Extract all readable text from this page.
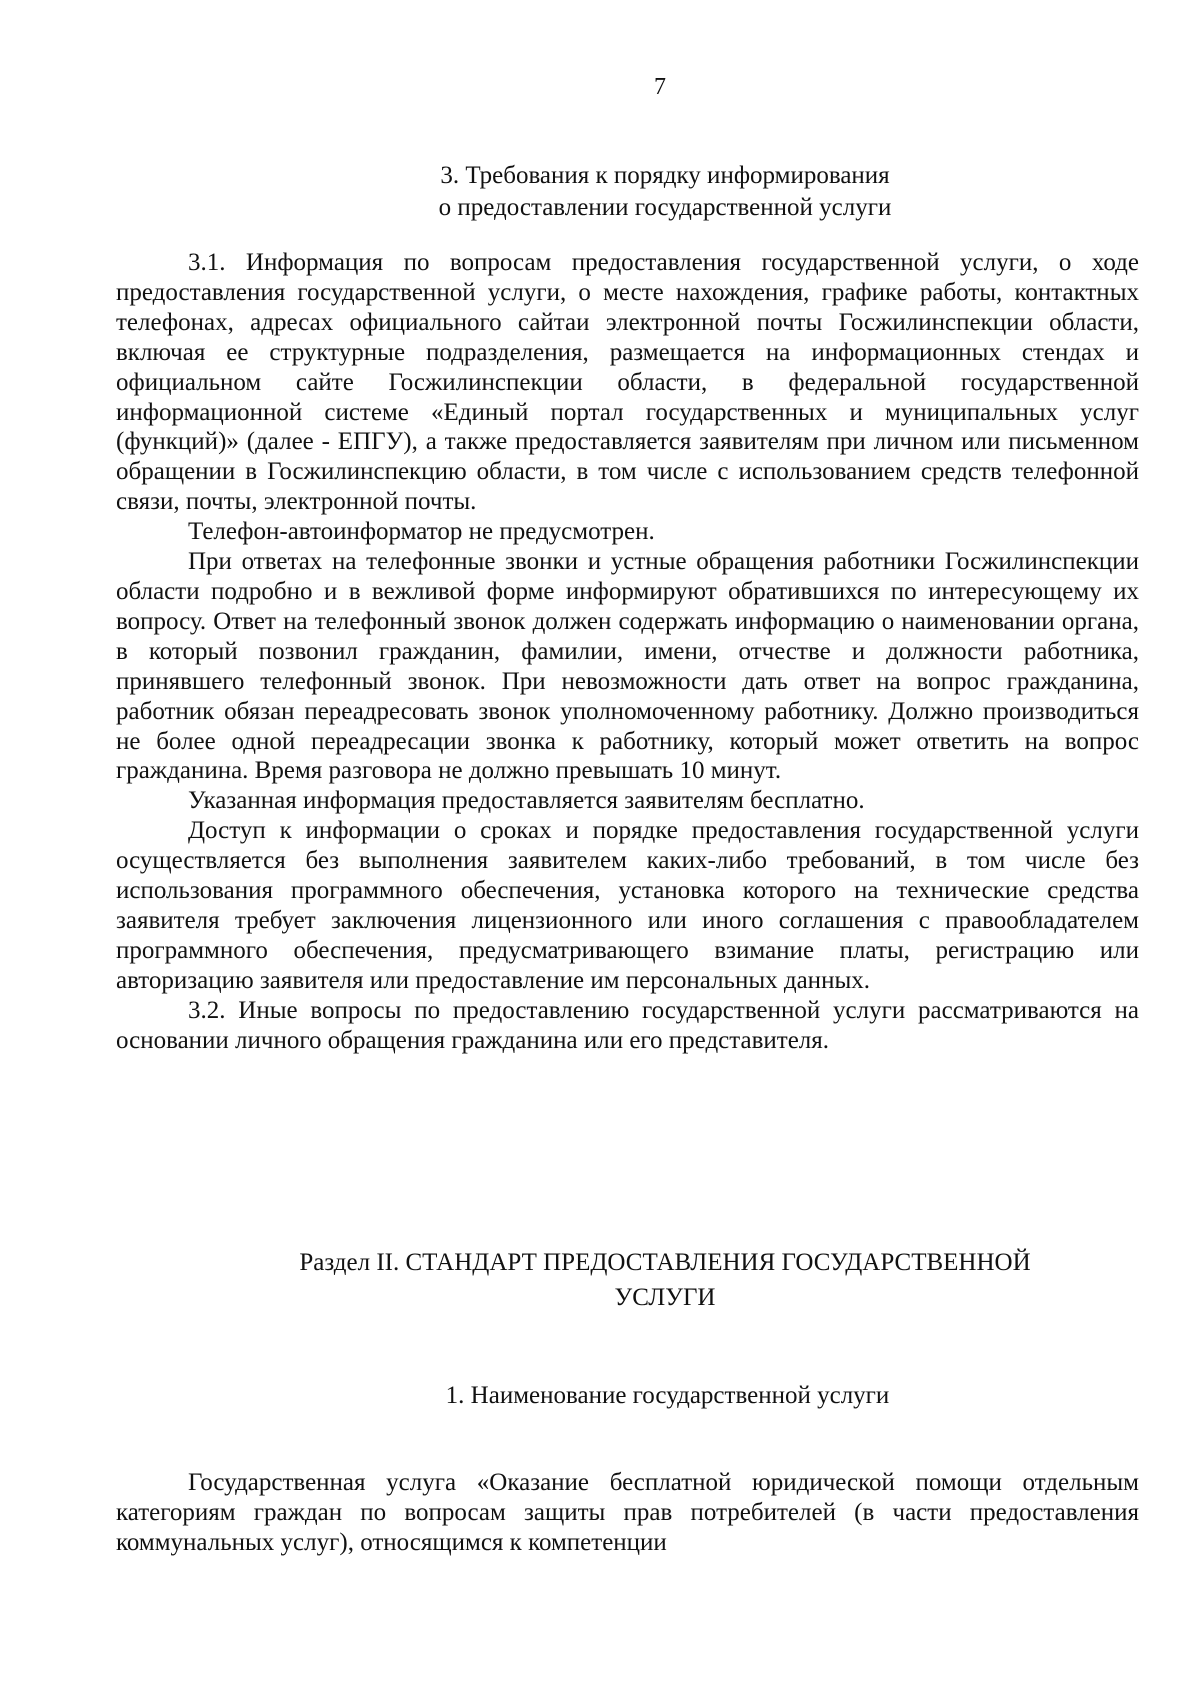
7
3. Требования к порядку информирования
о предоставлении государственной услуги

3.1. Информация по вопросам предоставления государственной услуги, о ходе предоставления государственной услуги, о месте нахождения, графике работы, контактных телефонах, адресах официального сайтаи электронной почты Госжилинспекции области, включая ее структурные подразделения, размещается на информационных стендах и официальном сайте Госжилинспекции области, в федеральной государственной информационной системе «Единый портал государственных и муниципальных услуг (функций)» (далее - ЕПГУ), а также предоставляется заявителям при личном или письменном обращении в Госжилинспекцию области, в том числе с использованием средств телефонной связи, почты, электронной почты.

Телефон-автоинформатор не предусмотрен.

При ответах на телефонные звонки и устные обращения работники Госжилинспекции области подробно и в вежливой форме информируют обратившихся по интересующему их вопросу. Ответ на телефонный звонок должен содержать информацию о наименовании органа, в который позвонил гражданин, фамилии, имени, отчестве и должности работника, принявшего телефонный звонок. При невозможности дать ответ на вопрос гражданина, работник обязан переадресовать звонок уполномоченному работнику. Должно производиться не более одной переадресации звонка к работнику, который может ответить на вопрос гражданина. Время разговора не должно превышать 10 минут.

Указанная информация предоставляется заявителям бесплатно.

Доступ к информации о сроках и порядке предоставления государственной услуги осуществляется без выполнения заявителем каких-либо требований, в том числе без использования программного обеспечения, установка которого на технические средства заявителя требует заключения лицензионного или иного соглашения с правообладателем программного обеспечения, предусматривающего взимание платы, регистрацию или авторизацию заявителя или предоставление им персональных данных.

3.2. Иные вопросы по предоставлению государственной услуги рассматриваются на основании личного обращения гражданина или его представителя.

Раздел II. СТАНДАРТ ПРЕДОСТАВЛЕНИЯ ГОСУДАРСТВЕННОЙ
УСЛУГИ
1. Наименование государственной услуги

Государственная услуга «Оказание бесплатной юридической помощи отдельным категориям граждан по вопросам защиты прав потребителей (в части предоставления коммунальных услуг), относящимся к компетенции
